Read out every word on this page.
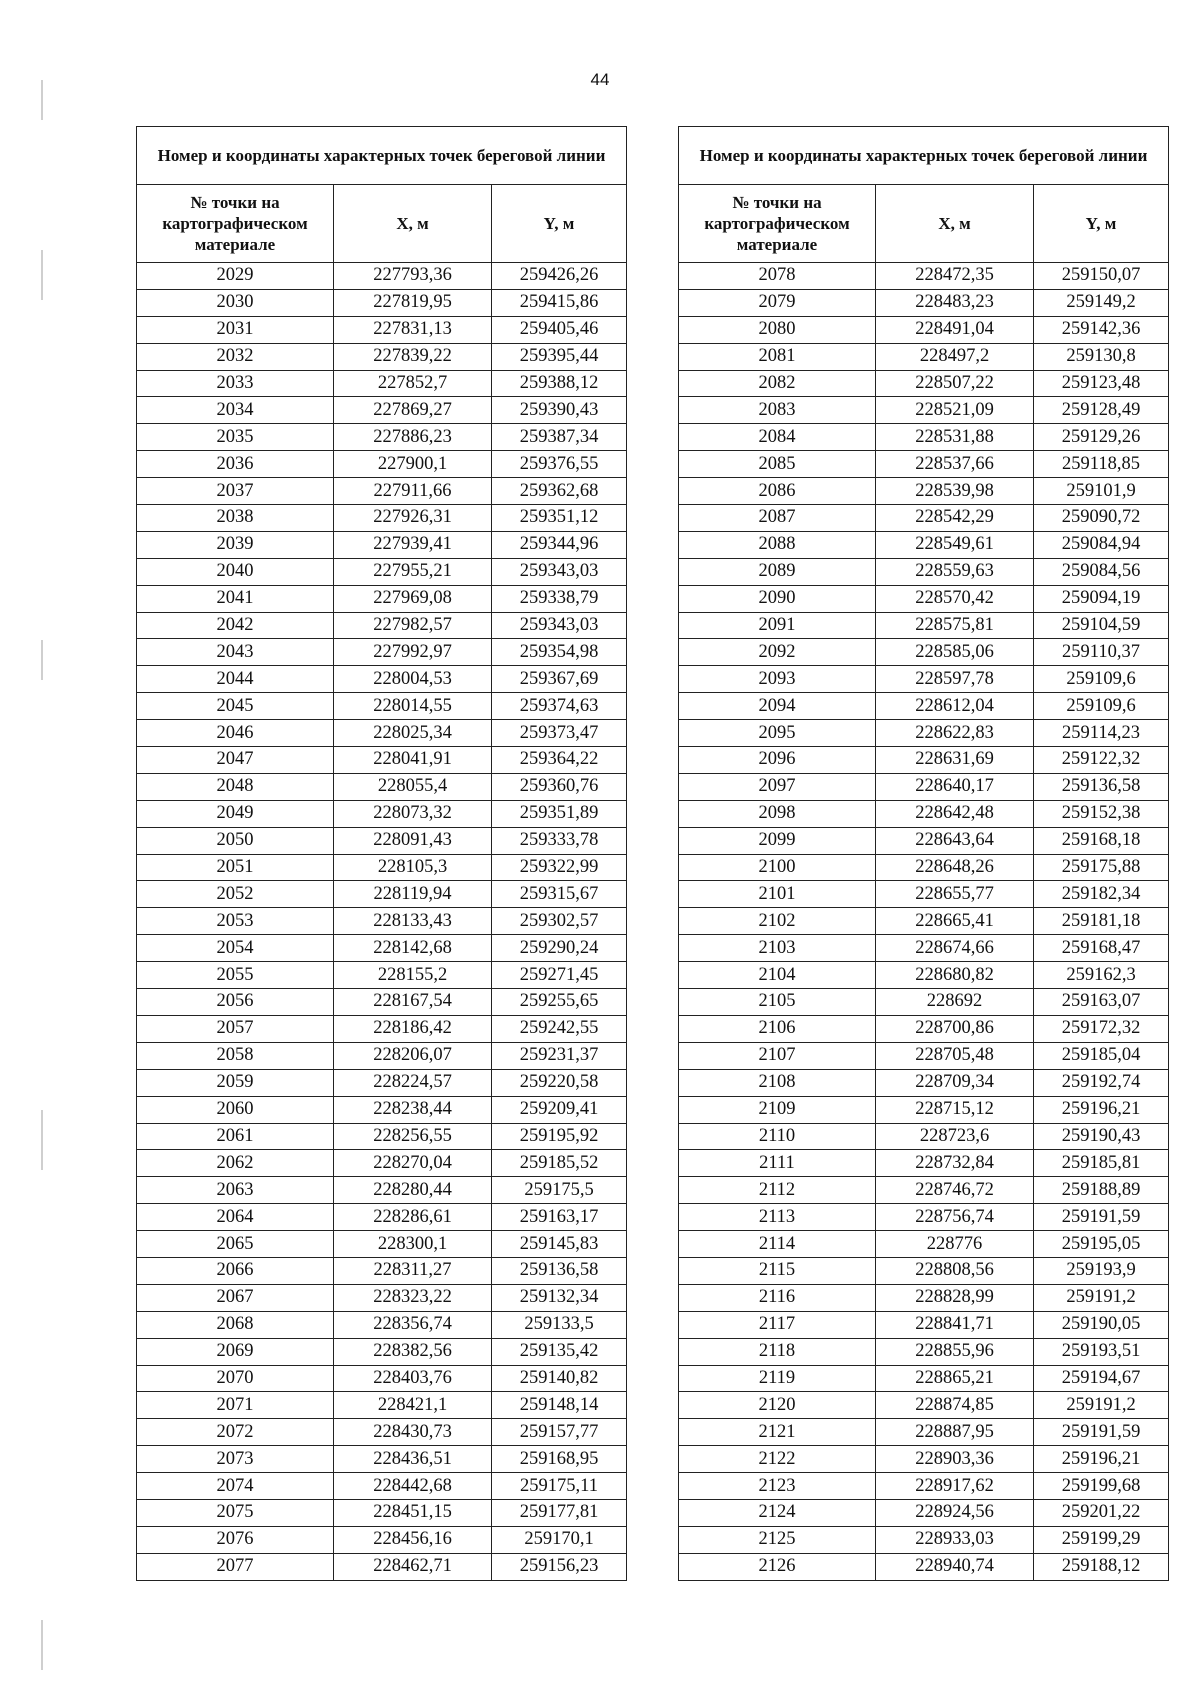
44
Номер и координаты характерных точек береговой линии		
№ точки на картографическом материале	X, м	Y, м
2029	227793,36	259426,26
2030	227819,95	259415,86
2031	227831,13	259405,46
2032	227839,22	259395,44
2033	227852,7	259388,12
2034	227869,27	259390,43
2035	227886,23	259387,34
2036	227900,1	259376,55
2037	227911,66	259362,68
2038	227926,31	259351,12
2039	227939,41	259344,96
2040	227955,21	259343,03
2041	227969,08	259338,79
2042	227982,57	259343,03
2043	227992,97	259354,98
2044	228004,53	259367,69
2045	228014,55	259374,63
2046	228025,34	259373,47
2047	228041,91	259364,22
2048	228055,4	259360,76
2049	228073,32	259351,89
2050	228091,43	259333,78
2051	228105,3	259322,99
2052	228119,94	259315,67
2053	228133,43	259302,57
2054	228142,68	259290,24
2055	228155,2	259271,45
2056	228167,54	259255,65
2057	228186,42	259242,55
2058	228206,07	259231,37
2059	228224,57	259220,58
2060	228238,44	259209,41
2061	228256,55	259195,92
2062	228270,04	259185,52
2063	228280,44	259175,5
2064	228286,61	259163,17
2065	228300,1	259145,83
2066	228311,27	259136,58
2067	228323,22	259132,34
2068	228356,74	259133,5
2069	228382,56	259135,42
2070	228403,76	259140,82
2071	228421,1	259148,14
2072	228430,73	259157,77
2073	228436,51	259168,95
2074	228442,68	259175,11
2075	228451,15	259177,81
2076	228456,16	259170,1
2077	228462,71	259156,23
Номер и координаты характерных точек береговой линии		
№ точки на картографическом материале	X, м	Y, м
2078	228472,35	259150,07
2079	228483,23	259149,2
2080	228491,04	259142,36
2081	228497,2	259130,8
2082	228507,22	259123,48
2083	228521,09	259128,49
2084	228531,88	259129,26
2085	228537,66	259118,85
2086	228539,98	259101,9
2087	228542,29	259090,72
2088	228549,61	259084,94
2089	228559,63	259084,56
2090	228570,42	259094,19
2091	228575,81	259104,59
2092	228585,06	259110,37
2093	228597,78	259109,6
2094	228612,04	259109,6
2095	228622,83	259114,23
2096	228631,69	259122,32
2097	228640,17	259136,58
2098	228642,48	259152,38
2099	228643,64	259168,18
2100	228648,26	259175,88
2101	228655,77	259182,34
2102	228665,41	259181,18
2103	228674,66	259168,47
2104	228680,82	259162,3
2105	228692	259163,07
2106	228700,86	259172,32
2107	228705,48	259185,04
2108	228709,34	259192,74
2109	228715,12	259196,21
2110	228723,6	259190,43
2111	228732,84	259185,81
2112	228746,72	259188,89
2113	228756,74	259191,59
2114	228776	259195,05
2115	228808,56	259193,9
2116	228828,99	259191,2
2117	228841,71	259190,05
2118	228855,96	259193,51
2119	228865,21	259194,67
2120	228874,85	259191,2
2121	228887,95	259191,59
2122	228903,36	259196,21
2123	228917,62	259199,68
2124	228924,56	259201,22
2125	228933,03	259199,29
2126	228940,74	259188,12
